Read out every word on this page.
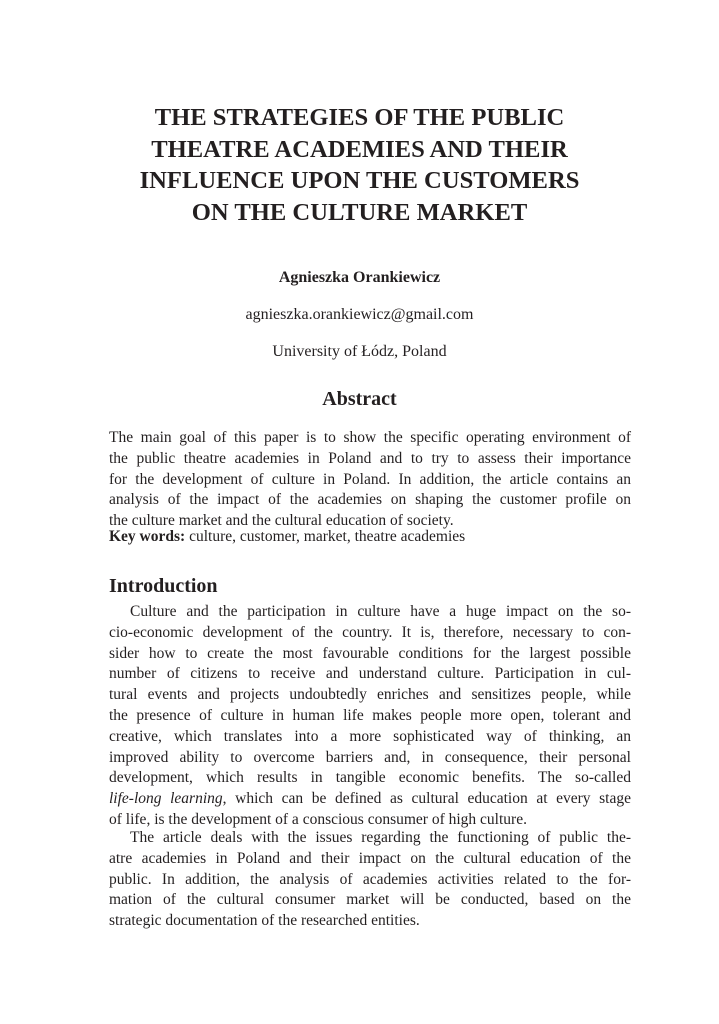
THE STRATEGIES OF THE PUBLIC
THEATRE ACADEMIES AND THEIR
INFLUENCE UPON THE CUSTOMERS
ON THE CULTURE MARKET
Agnieszka Orankiewicz
agnieszka.orankiewicz@gmail.com
University of Łódz, Poland
Abstract
The main goal of this paper is to show the specific operating environment of
the public theatre academies in Poland and to try to assess their importance
for the development of culture in Poland. In addition, the article contains an
analysis of the impact of the academies on shaping the customer profile on
the culture market and the cultural education of society.
Key words: culture, customer, market, theatre academies
Introduction
Culture and the participation in culture have a huge impact on the so-
cio-economic development of the country. It is, therefore, necessary to con-
sider how to create the most favourable conditions for the largest possible
number of citizens to receive and understand culture. Participation in cul-
tural events and projects undoubtedly enriches and sensitizes people, while
the presence of culture in human life makes people more open, tolerant and
creative, which translates into a more sophisticated way of thinking, an
improved ability to overcome barriers and, in consequence, their personal
development, which results in tangible economic benefits. The so-called
life-long learning, which can be defined as cultural education at every stage
of life, is the development of a conscious consumer of high culture.
The article deals with the issues regarding the functioning of public the-
atre academies in Poland and their impact on the cultural education of the
public. In addition, the analysis of academies activities related to the for-
mation of the cultural consumer market will be conducted, based on the
strategic documentation of the researched entities.
